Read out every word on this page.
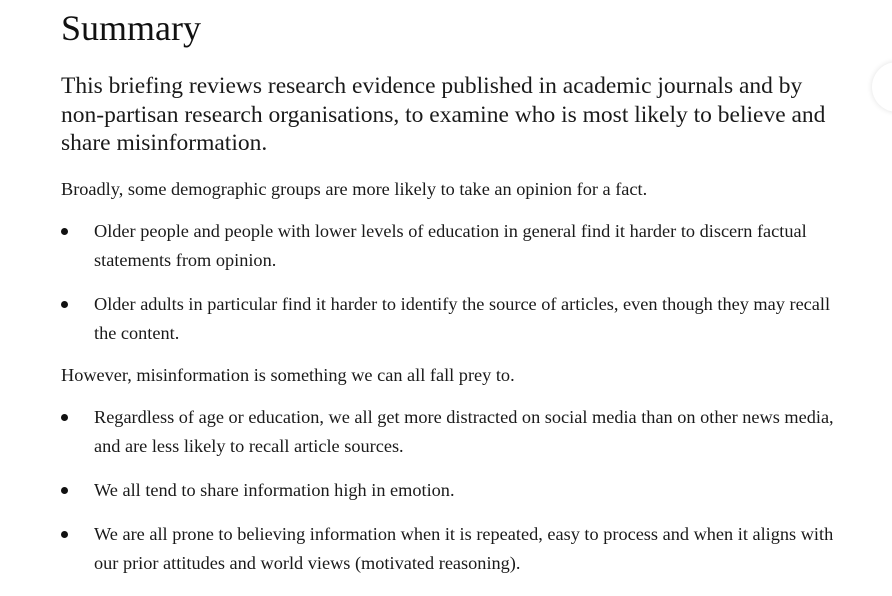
Summary

This briefing reviews research evidence published in academic journals and by non-partisan research organisations, to examine who is most likely to believe and share misinformation.

Broadly, some demographic groups are more likely to take an opinion for a fact.

Older people and people with lower levels of education in general find it harder to discern factual statements from opinion.
Older adults in particular find it harder to identify the source of articles, even though they may recall the content.

However, misinformation is something we can all fall prey to.

Regardless of age or education, we all get more distracted on social media than on other news media, and are less likely to recall article sources.
We all tend to share information high in emotion.
We are all prone to believing information when it is repeated, easy to process and when it aligns with our prior attitudes and world views (motivated reasoning).
